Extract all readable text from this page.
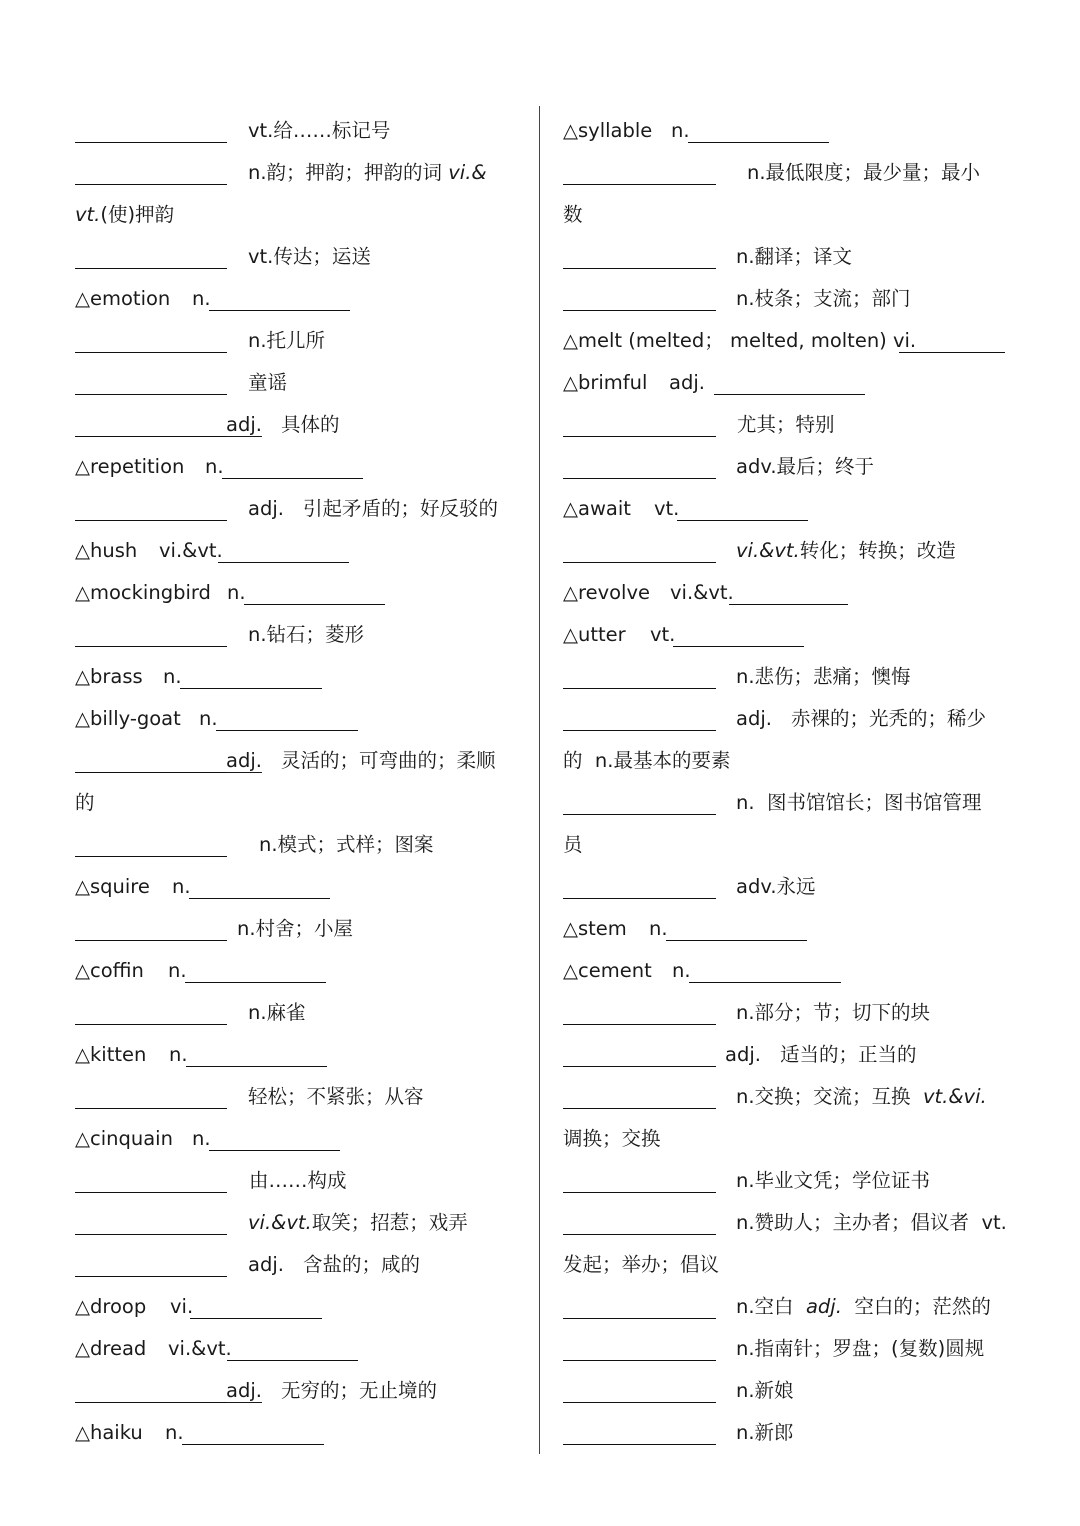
vt.给……标记号
n.韵；押韵；押韵的词 vi.&
vt.(使)押韵
vt.传达；运送
△emotion n.
n.托儿所
童谣
adj. 具体的
△repetition n.
adj. 引起矛盾的；好反驳的
△hush vi.&vt.
△mockingbird n.
n.钻石；菱形
△brass n.
△billy-goat n.
adj. 灵活的；可弯曲的；柔顺
的
n.模式；式样；图案
△squire n.
n.村舍；小屋
△coffin n.
n.麻雀
△kitten n.
轻松；不紧张；从容
△cinquain n.
由……构成
vi.&vt.取笑；招惹；戏弄
adj. 含盐的；咸的
△droop vi.
△dread vi.&vt.
adj. 无穷的；无止境的
△haiku n.
△syllable n.
n.最低限度；最少量；最小
数
n.翻译；译文
n.枝条；支流；部门
△melt (melted； melted, molten) vi.
△brimful adj.
尤其；特别
adv.最后；终于
△await vt.
vi.&vt.转化；转换；改造
△revolve vi.&vt.
△utter vt.
n.悲伤；悲痛；懊悔
adj. 赤裸的；光秃的；稀少
的  n.最基本的要素
n.  图书馆馆长；图书馆管理
员
adv.永远
△stem n.
△cement n.
n.部分；节；切下的块
adj. 适当的；正当的
n.交换；交流；互换  vt.&vi.
调换；交换
n.毕业文凭；学位证书
n.赞助人；主办者；倡议者  vt.
发起；举办；倡议
n.空白  adj.  空白的；茫然的
n.指南针；罗盘；(复数)圆规
n.新娘
n.新郎
